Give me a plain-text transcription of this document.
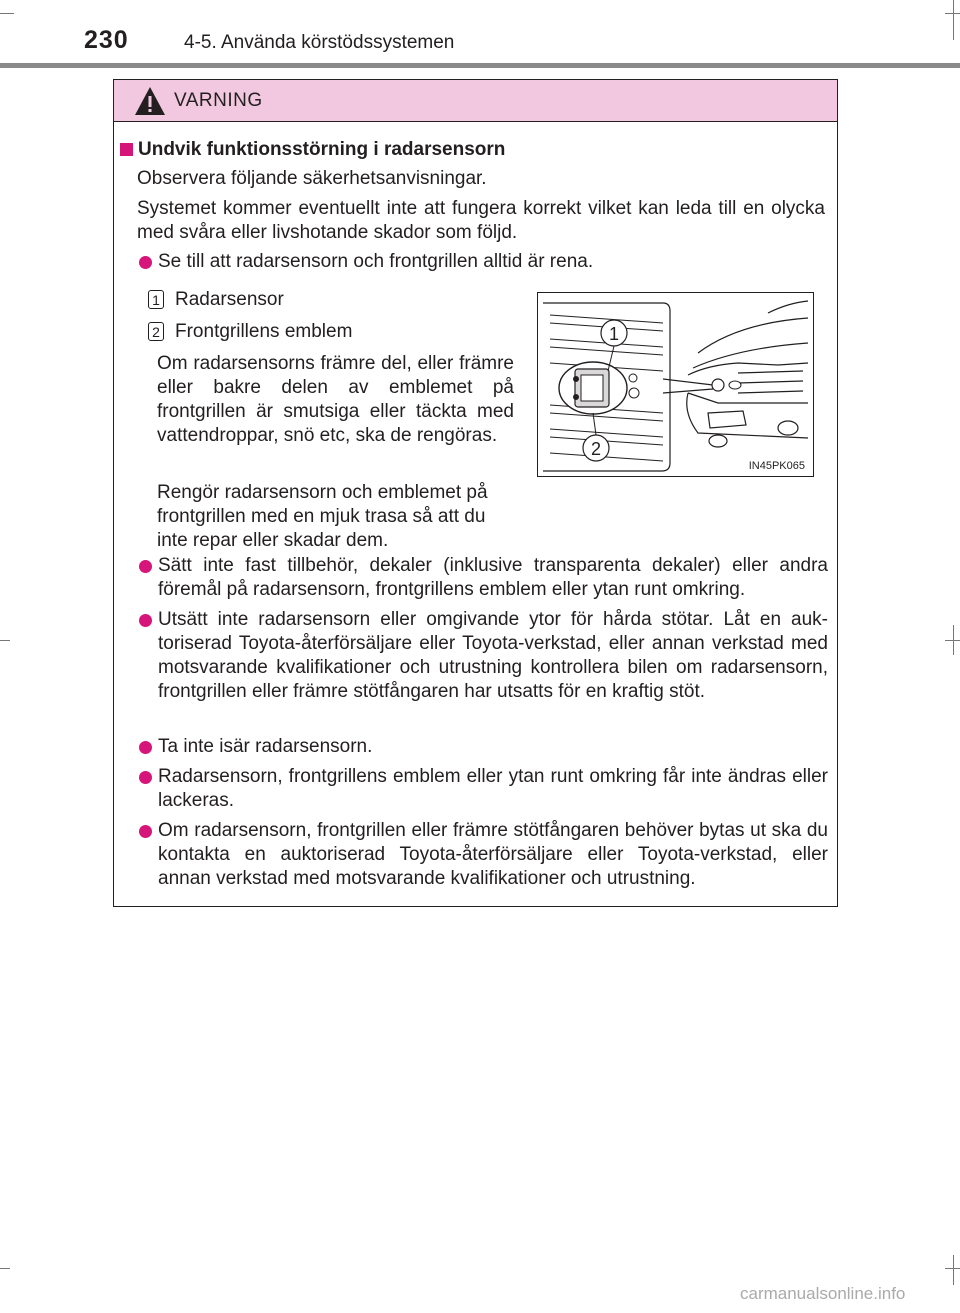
230	4-5. Använda körstödssystemen
VARNING
Undvik funktionsstörning i radarsensorn
Observera följande säkerhetsanvisningar.
Systemet kommer eventuellt inte att fungera korrekt vilket kan leda till en olycka med svåra eller livshotande skador som följd.
Se till att radarsensorn och frontgrillen alltid är rena.
1 Radarsensor
2 Frontgrillens emblem
Om radarsensorns främre del, eller främre eller bakre delen av emblemet på frontgrillen är smutsiga eller täckta med vattendroppar, snö etc, ska de rengöras.
Rengör radarsensorn och emblemet på frontgrillen med en mjuk trasa så att du inte repar eller skadar dem.
1
2
IN45PK065
Sätt inte fast tillbehör, dekaler (inklusive transparenta dekaler) eller andra föremål på radarsensorn, frontgrillens emblem eller ytan runt omkring.
Utsätt inte radarsensorn eller omgivande ytor för hårda stötar. Låt en auktoriserad Toyota-återförsäljare eller Toyota-verkstad, eller annan verkstad med motsvarande kvalifikationer och utrustning kontrollera bilen om radarsensorn, frontgrillen eller främre stötfångaren har utsatts för en kraftig stöt.
Ta inte isär radarsensorn.
Radarsensorn, frontgrillens emblem eller ytan runt omkring får inte ändras eller lackeras.
Om radarsensorn, frontgrillen eller främre stötfångaren behöver bytas ut ska du kontakta en auktoriserad Toyota-återförsäljare eller Toyota-verkstad, eller annan verkstad med motsvarande kvalifikationer och utrustning.
carmanualsonline.info
